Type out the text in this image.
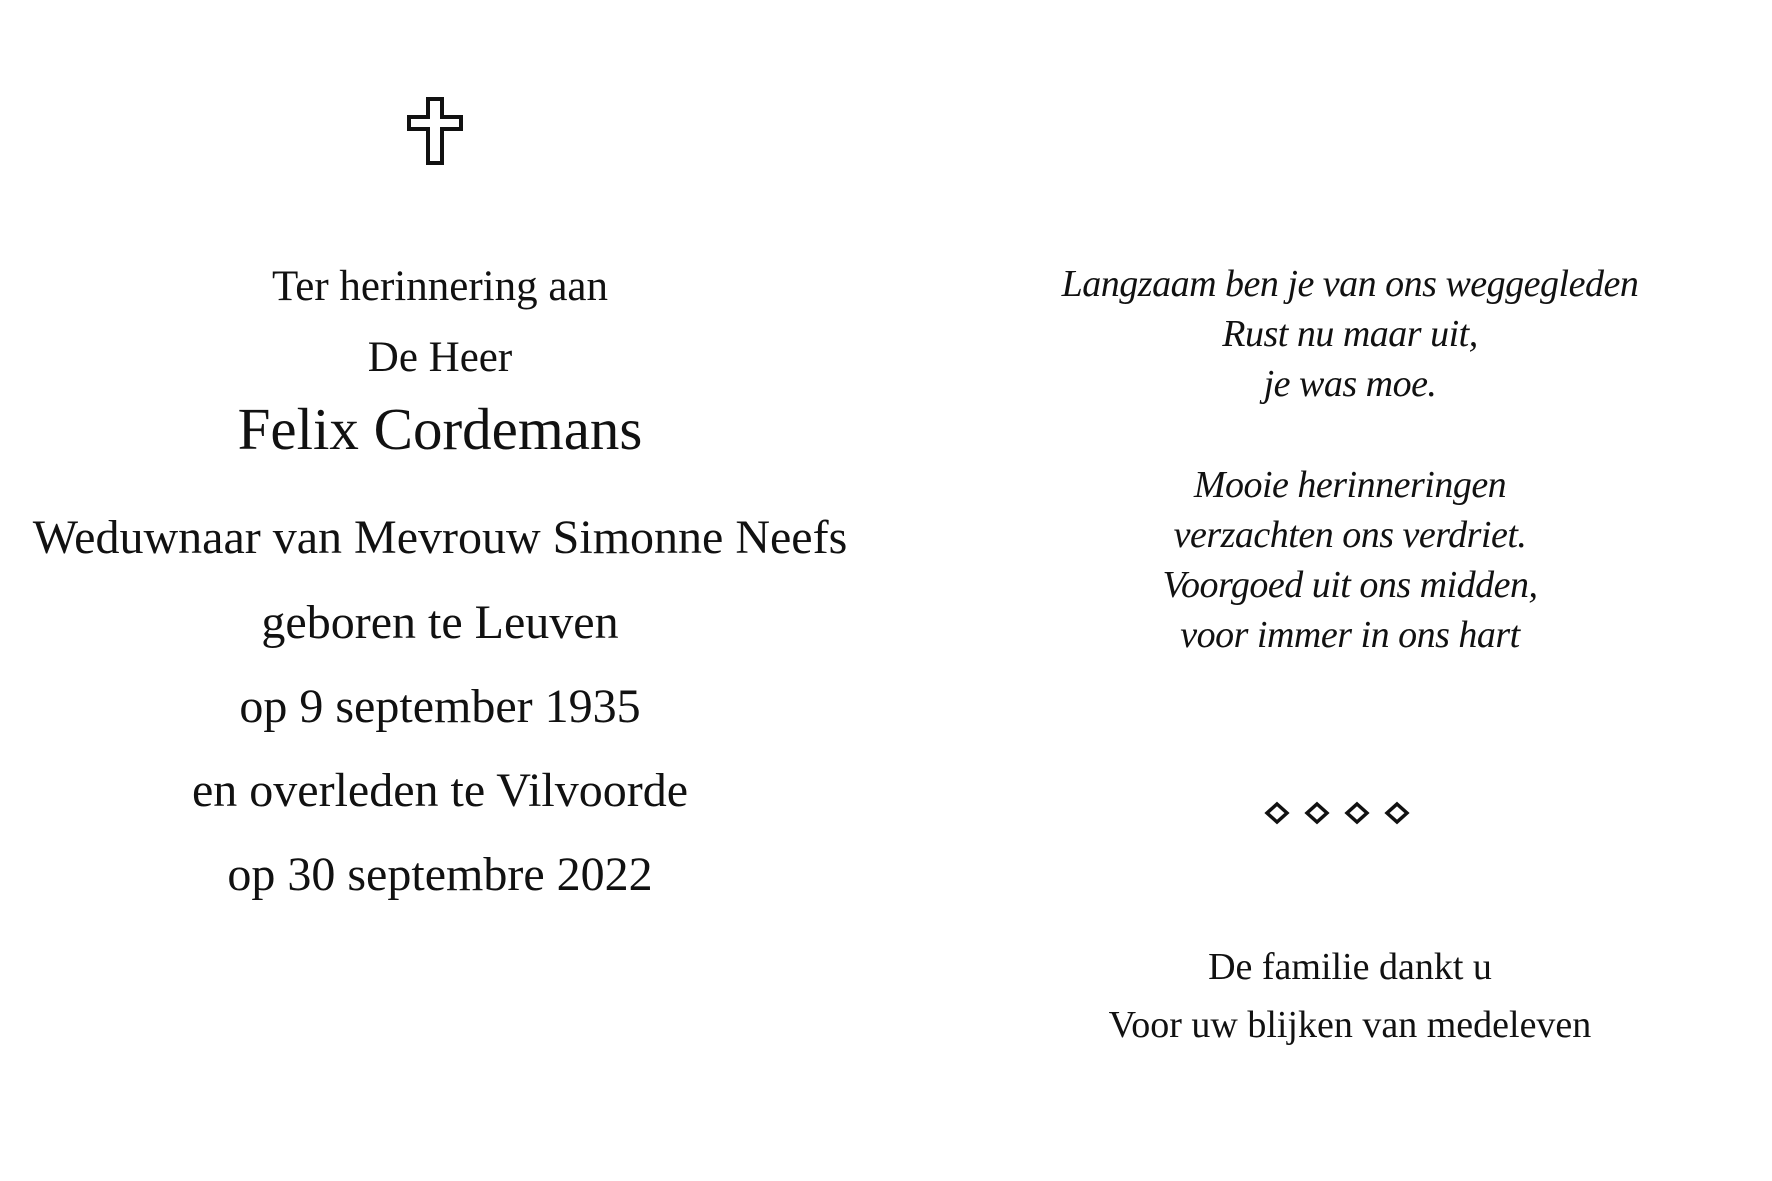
Ter herinnering aan
De Heer
Felix Cordemans
Weduwnaar van Mevrouw Simonne Neefs
geboren te Leuven
op 9 september 1935
en overleden te Vilvoorde
op 30 septembre 2022
Langzaam ben je van ons weggegleden
Rust nu maar uit,
je was moe.
Mooie herinneringen
verzachten ons verdriet.
Voorgoed uit ons midden,
voor immer in ons hart
De familie dankt u
Voor uw blijken van medeleven
